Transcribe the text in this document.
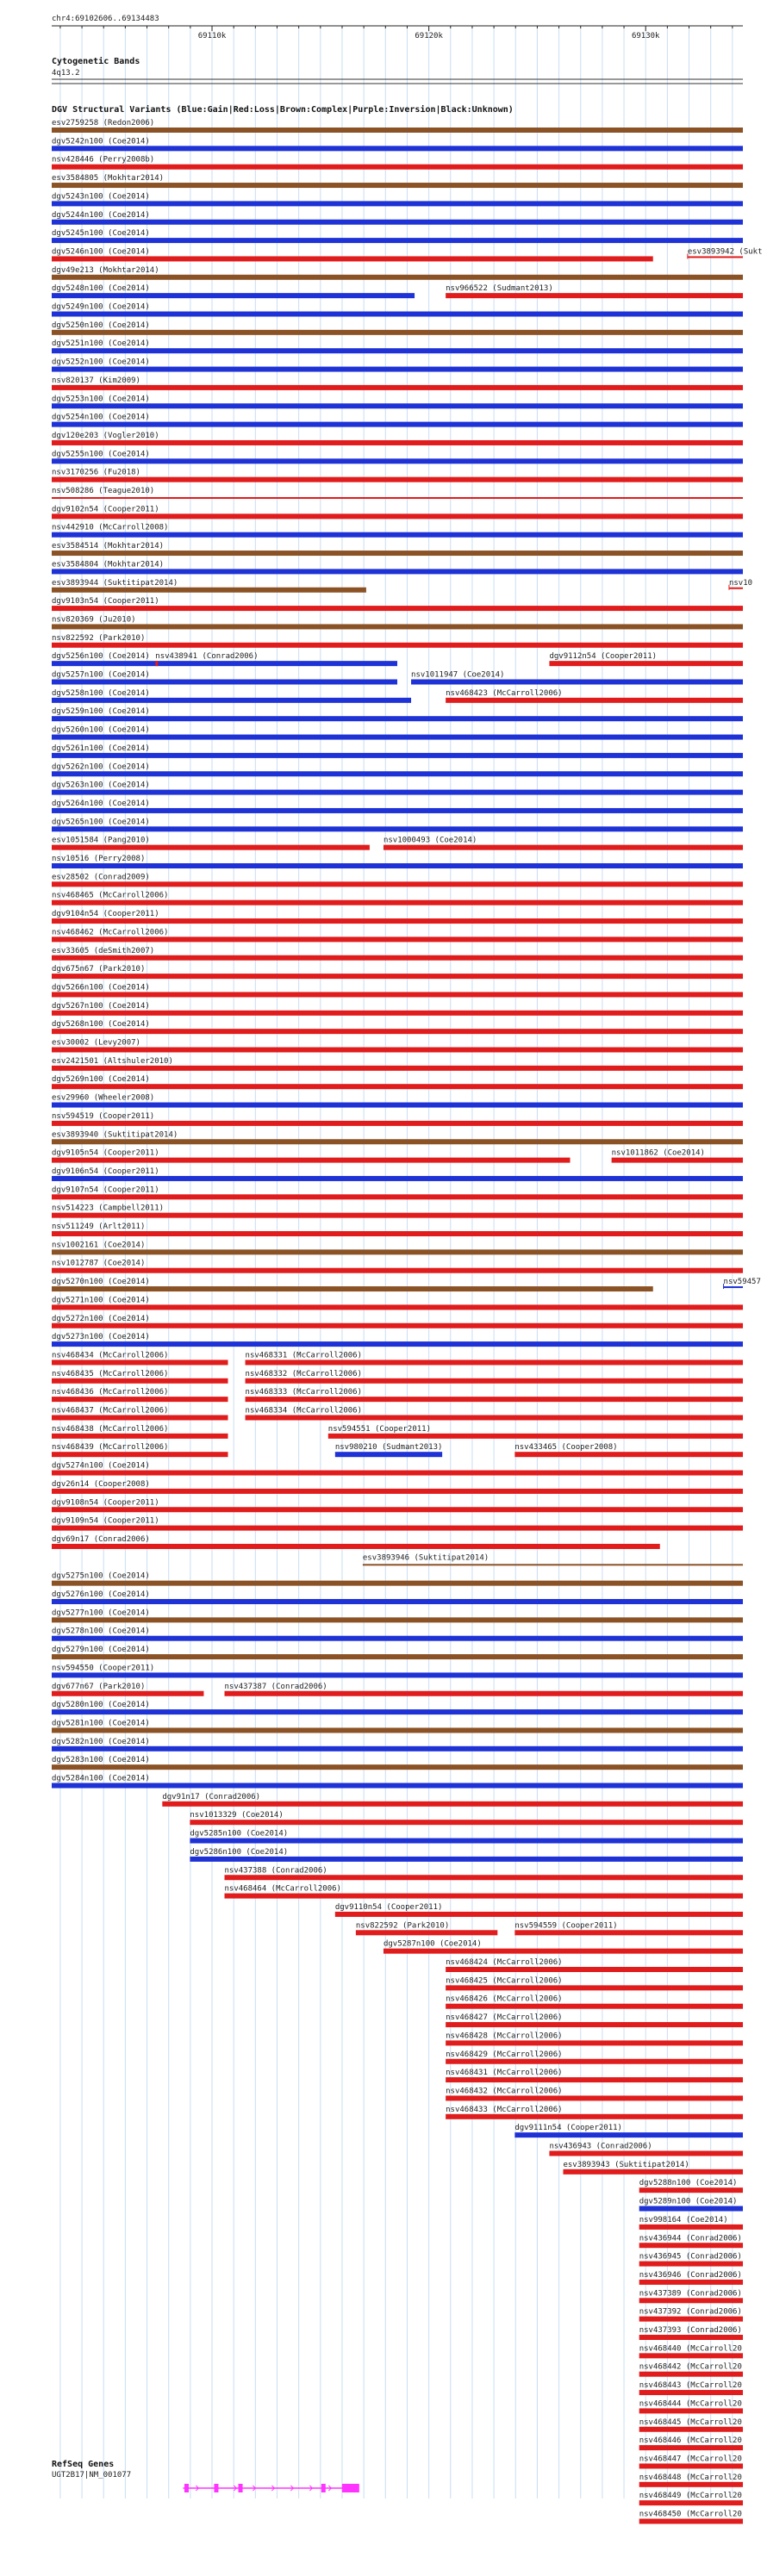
chr4:69102606..69134483
69110k	69120k	69130k
Cytogenetic Bands
4q13.2
DGV Structural Variants (Blue:Gain|Red:Loss|Brown:Complex|Purple:Inversion|Black:Unknown)
esv2759258 (Redon2006)
dgv5242n100 (Coe2014)
nsv428446 (Perry2008b)
esv3584805 (Mokhtar2014)
dgv5243n100 (Coe2014)
dgv5244n100 (Coe2014)
dgv5245n100 (Coe2014)
dgv5246n100 (Coe2014)	esv3893942 (Sukt
dgv49e213 (Mokhtar2014)
dgv5248n100 (Coe2014)	nsv966522 (Sudmant2013)
dgv5249n100 (Coe2014)
dgv5250n100 (Coe2014)
dgv5251n100 (Coe2014)
dgv5252n100 (Coe2014)
nsv820137 (Kim2009)
dgv5253n100 (Coe2014)
dgv5254n100 (Coe2014)
dgv120e203 (Vogler2010)
dgv5255n100 (Coe2014)
nsv3170256 (Fu2018)
nsv508286 (Teague2010)
dgv9102n54 (Cooper2011)
nsv442910 (McCarroll2008)
esv3584514 (Mokhtar2014)
esv3584804 (Mokhtar2014)
esv3893944 (Suktitipat2014)	nsv10
dgv9103n54 (Cooper2011)
nsv820369 (Ju2010)
nsv822592 (Park2010)
dgv5256n100 (Coe2014) nsv438941 (Conrad2006)	dgv9112n54 (Cooper2011)
dgv5257n100 (Coe2014)	nsv1011947 (Coe2014)
dgv5258n100 (Coe2014)	nsv468423 (McCarroll2006)
dgv5259n100 (Coe2014)
dgv5260n100 (Coe2014)
dgv5261n100 (Coe2014)
dgv5262n100 (Coe2014)
dgv5263n100 (Coe2014)
dgv5264n100 (Coe2014)
dgv5265n100 (Coe2014)
esv1051584 (Pang2010)	nsv1000493 (Coe2014)
nsv10516 (Perry2008)
esv28502 (Conrad2009)
nsv468465 (McCarroll2006)
dgv9104n54 (Cooper2011)
nsv468462 (McCarroll2006)
esv33605 (deSmith2007)
dgv675n67 (Park2010)
dgv5266n100 (Coe2014)
dgv5267n100 (Coe2014)
dgv5268n100 (Coe2014)
esv30002 (Levy2007)
esv2421501 (Altshuler2010)
dgv5269n100 (Coe2014)
esv29960 (Wheeler2008)
nsv594519 (Cooper2011)
esv3893940 (Suktitipat2014)
dgv9105n54 (Cooper2011)	nsv1011862 (Coe2014)
dgv9106n54 (Cooper2011)
dgv9107n54 (Cooper2011)
nsv514223 (Campbell2011)
nsv511249 (Arlt2011)
nsv1002161 (Coe2014)
nsv1012787 (Coe2014)
dgv5270n100 (Coe2014)	nsv59457
dgv5271n100 (Coe2014)
dgv5272n100 (Coe2014)
dgv5273n100 (Coe2014)
nsv468434 (McCarroll2006)	nsv468331 (McCarroll2006)
nsv468435 (McCarroll2006)	nsv468332 (McCarroll2006)
nsv468436 (McCarroll2006)	nsv468333 (McCarroll2006)
nsv468437 (McCarroll2006)	nsv468334 (McCarroll2006)
nsv468438 (McCarroll2006)	nsv594551 (Cooper2011)
nsv468439 (McCarroll2006)	nsv980210 (Sudmant2013)	nsv433465 (Cooper2008)
dgv5274n100 (Coe2014)
dgv26n14 (Cooper2008)
dgv9108n54 (Cooper2011)
dgv9109n54 (Cooper2011)
dgv69n17 (Conrad2006)
esv3893946 (Suktitipat2014)
dgv5275n100 (Coe2014)
dgv5276n100 (Coe2014)
dgv5277n100 (Coe2014)
dgv5278n100 (Coe2014)
dgv5279n100 (Coe2014)
nsv594550 (Cooper2011)
dgv677n67 (Park2010)	nsv437387 (Conrad2006)
dgv5280n100 (Coe2014)
dgv5281n100 (Coe2014)
dgv5282n100 (Coe2014)
dgv5283n100 (Coe2014)
dgv5284n100 (Coe2014)
dgv91n17 (Conrad2006)
nsv1013329 (Coe2014)
dgv5285n100 (Coe2014)
dgv5286n100 (Coe2014)
nsv437388 (Conrad2006)
nsv468464 (McCarroll2006)
dgv9110n54 (Cooper2011)
nsv822592 (Park2010)	nsv594559 (Cooper2011)
dgv5287n100 (Coe2014)
nsv468424 (McCarroll2006)
nsv468425 (McCarroll2006)
nsv468426 (McCarroll2006)
nsv468427 (McCarroll2006)
nsv468428 (McCarroll2006)
nsv468429 (McCarroll2006)
nsv468431 (McCarroll2006)
nsv468432 (McCarroll2006)
nsv468433 (McCarroll2006)
dgv9111n54 (Cooper2011)
nsv436943 (Conrad2006)
esv3893943 (Suktitipat2014)
dgv5288n100 (Coe2014)
dgv5289n100 (Coe2014)
nsv998164 (Coe2014)
nsv436944 (Conrad2006)
nsv436945 (Conrad2006)
nsv436946 (Conrad2006)
nsv437389 (Conrad2006)
nsv437392 (Conrad2006)
nsv437393 (Conrad2006)
nsv468440 (McCarroll20
nsv468442 (McCarroll20
nsv468443 (McCarroll20
nsv468444 (McCarroll20
nsv468445 (McCarroll20
nsv468446 (McCarroll20
nsv468447 (McCarroll20
nsv468448 (McCarroll20
nsv468449 (McCarroll20
nsv468450 (McCarroll20
RefSeq Genes
UGT2B17|NM_001077
